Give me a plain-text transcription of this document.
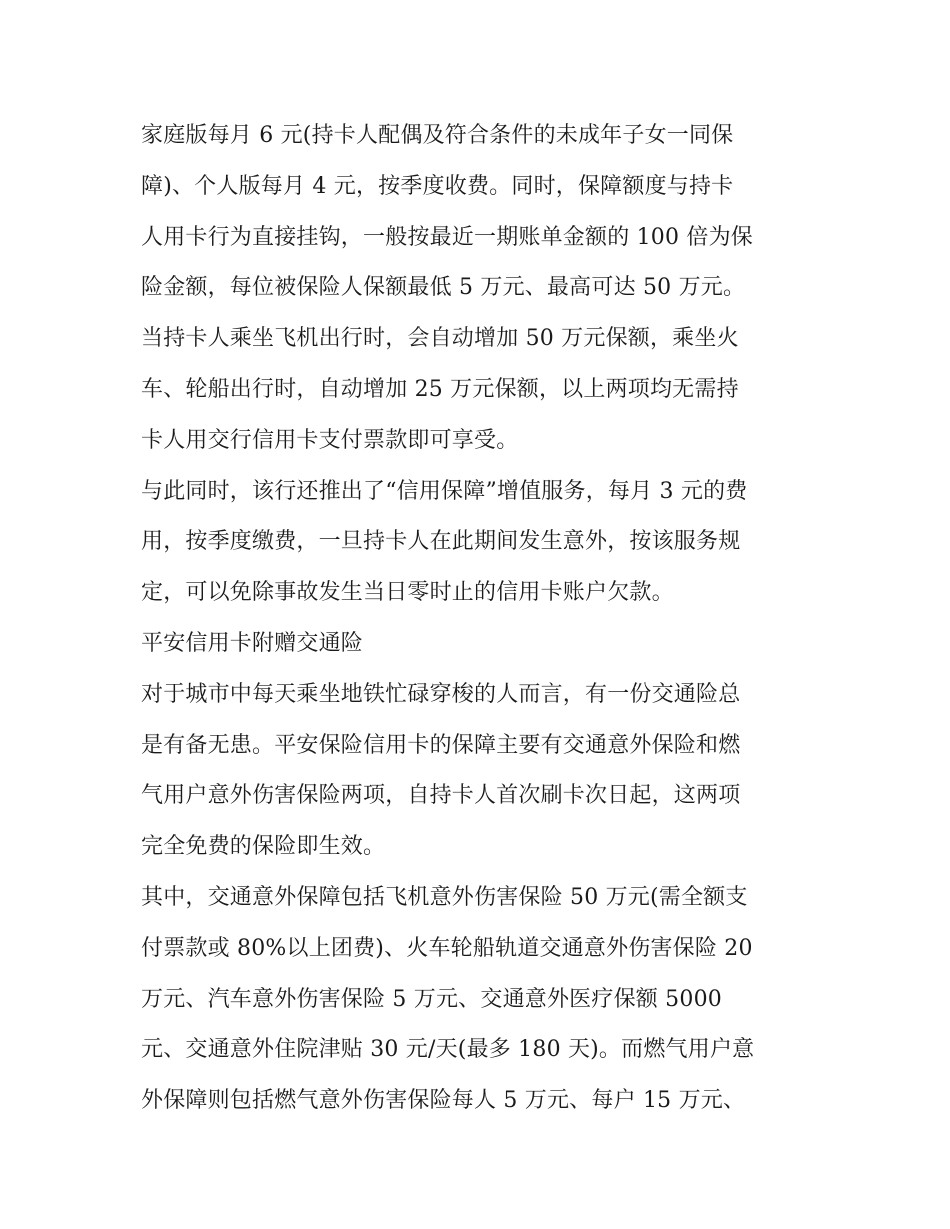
家庭版每月 6 元(持卡人配偶及符合条件的未成年子女一同保
障)、个人版每月 4 元，按季度收费。同时，保障额度与持卡
人用卡行为直接挂钩，一般按最近一期账单金额的 100 倍为保
险金额，每位被保险人保额最低 5 万元、最高可达 50 万元。
当持卡人乘坐飞机出行时，会自动增加 50 万元保额，乘坐火
车、轮船出行时，自动增加 25 万元保额，以上两项均无需持
卡人用交行信用卡支付票款即可享受。
与此同时，该行还推出了“信用保障”增值服务，每月 3 元的费
用，按季度缴费，一旦持卡人在此期间发生意外，按该服务规
定，可以免除事故发生当日零时止的信用卡账户欠款。
平安信用卡附赠交通险
对于城市中每天乘坐地铁忙碌穿梭的人而言，有一份交通险总
是有备无患。平安保险信用卡的保障主要有交通意外保险和燃
气用户意外伤害保险两项，自持卡人首次刷卡次日起，这两项
完全免费的保险即生效。
其中，交通意外保障包括飞机意外伤害保险 50 万元(需全额支
付票款或 80%以上团费)、火车轮船轨道交通意外伤害保险 20
万元、汽车意外伤害保险 5 万元、交通意外医疗保额 5000
元、交通意外住院津贴 30 元/天(最多 180 天)。而燃气用户意
外保障则包括燃气意外伤害保险每人 5 万元、每户 15 万元、
